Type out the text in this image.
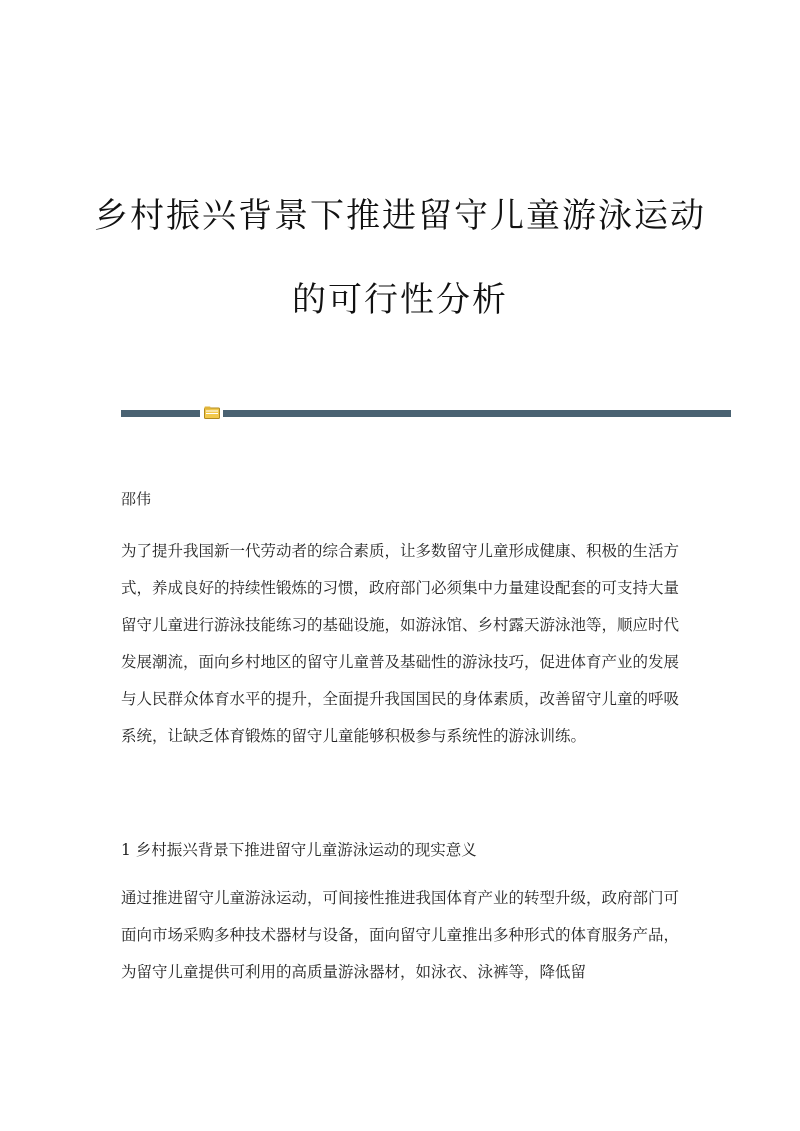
乡村振兴背景下推进留守儿童游泳运动
的可行性分析
邵伟

为了提升我国新一代劳动者的综合素质，让多数留守儿童形成健康、积极的生活方式，养成良好的持续性锻炼的习惯，政府部门必须集中力量建设配套的可支持大量留守儿童进行游泳技能练习的基础设施，如游泳馆、乡村露天游泳池等，顺应时代发展潮流，面向乡村地区的留守儿童普及基础性的游泳技巧，促进体育产业的发展与人民群众体育水平的提升，全面提升我国国民的身体素质，改善留守儿童的呼吸系统，让缺乏体育锻炼的留守儿童能够积极参与系统性的游泳训练。

1 乡村振兴背景下推进留守儿童游泳运动的现实意义

通过推进留守儿童游泳运动，可间接性推进我国体育产业的转型升级，政府部门可面向市场采购多种技术器材与设备，面向留守儿童推出多种形式的体育服务产品，为留守儿童提供可利用的高质量游泳器材，如泳衣、泳裤等，降低留
